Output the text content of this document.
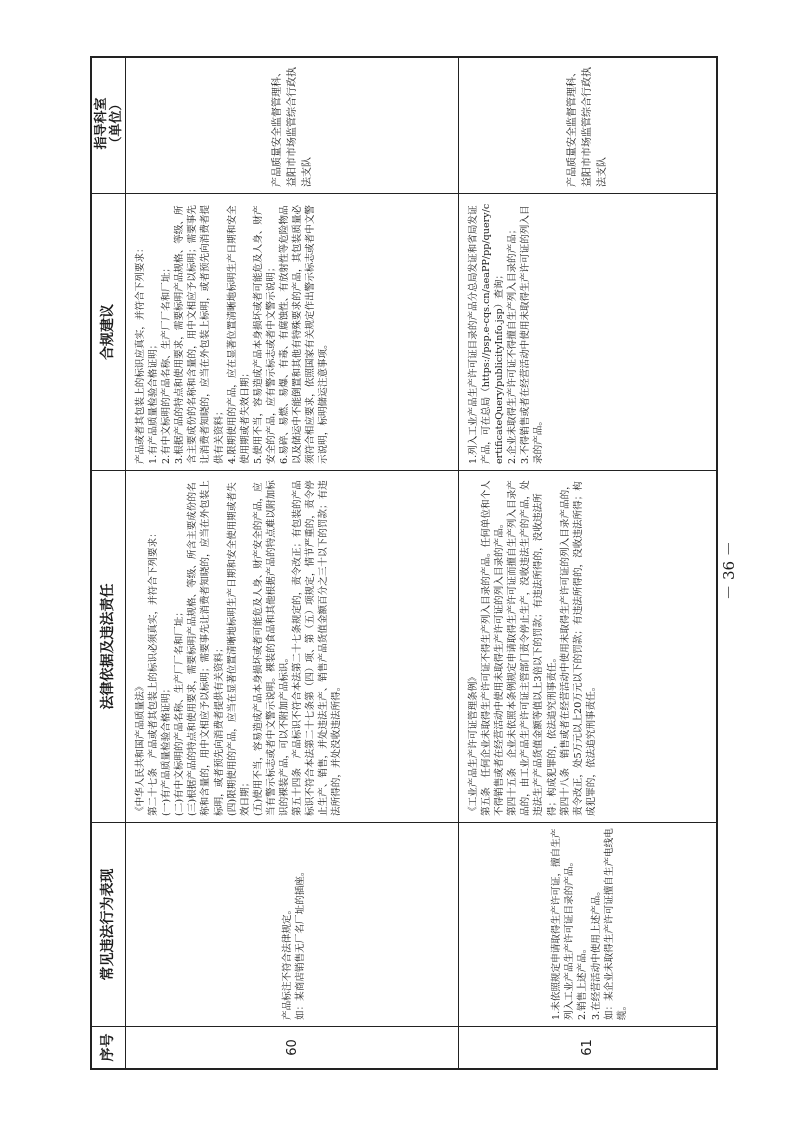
序号
常见违法行为表现
法律依据及违法责任
合规建议
指导科室 （单位）
60
产品标注不符合法律规定。 如：某商店销售无厂名厂址的插座。
《中华人民共和国产品质量法》 第二十七条　产品或者其包装上的标识必须真实，并符合下列要求： (一)有产品质量检验合格证明； (二)有中文标明的产品名称、生产厂厂名和厂址； (三)根据产品的特点和使用要求，需要标明产品规格、等级、所含主要成份的名称和含量的，用中文相应予以标明；需要事先让消费者知晓的，应当在外包装上标明，或者预先向消费者提供有关资料； (四)限期使用的产品，应当在显著位置清晰地标明生产日期和安全使用期或者失效日期； (五)使用不当，容易造成产品本身损坏或者可能危及人身、财产安全的产品，应当有警示标志或者中文警示说明。裸装的食品和其他根据产品的特点难以附加标识的裸装产品，可以不附加产品标识。 第五十四条　产品标识不符合本法第二十七条规定的，责令改正；有包装的产品标识不符合本法第二十七条第（四）项、第（五）项规定，情节严重的，责令停止生产、销售，并处违法生产、销售产品货值金额百分之三十以下的罚款；有违法所得的，并处没收违法所得。
产品或者其包装上的标识应真实，并符合下列要求： 1.有产品质量检验合格证明； 2.有中文标明的产品名称、生产厂厂名和厂址； 3.根据产品的特点和使用要求，需要标明产品规格、等级、所含主要成份的名称和含量的，用中文相应予以标明；需要事先让消费者知晓的，应当在外包装上标明，或者预先向消费者提供有关资料； 4.限期使用的产品，应在显著位置清晰地标明生产日期和安全使用期或者失效日期； 5.使用不当，容易造成产品本身损坏或者可能危及人身、财产安全的产品，应有警示标志或者中文警示说明； 6.易碎、易燃、易爆、有毒、有腐蚀性、有放射性等危险物品以及储运中不能倒置和其他有特殊要求的产品，其包装质量必须符合相应要求，依照国家有关规定作出警示标志或者中文警示说明，标明储运注意事项。
产品质量安全监督管理科、益阳市市场监管综合行政执法支队
61
1.未依照规定申请取得生产许可证，擅自生产列入工业产品生产许可证目录的产品。 2.销售上述产品。 3.在经营活动中使用上述产品。 如：某企业未取得生产许可证擅自生产电线电缆。
《工业产品生产许可证管理条例》 第五条　任何企业未取得生产许可证不得生产列入目录的产品。任何单位和个人不得销售或者在经营活动中使用未取得生产许可证的列入目录的产品。 第四十五条　企业未依照本条例规定申请取得生产许可证而擅自生产列入目录产品的，由工业产品生产许可证主管部门责令停止生产，没收违法生产的产品，处违法生产产品货值金额等值以上3倍以下的罚款；有违法所得的，没收违法所得；构成犯罪的，依法追究刑事责任。 第四十八条　销售或者在经营活动中使用未取得生产许可证的列入目录产品的，责令改正，处5万元以上20万元以下的罚款；有违法所得的，没收违法所得；构成犯罪的，依法追究刑事责任。
1.列入工业产品生产许可证目录的产品分总局发证和省局发证产品，可在总局（https://psp.e-cqs.cn/aeaPP/pp/query/certificateQuery/publicityInfo.jsp）查询； 2.企业未取得生产许可证不得擅自生产列入目录的产品； 3.不得销售或者在经营活动中使用未取得生产许可证的列入目录的产品。
产品质量安全监督管理科、益阳市市场监管综合行政执法支队
－ 36 －
